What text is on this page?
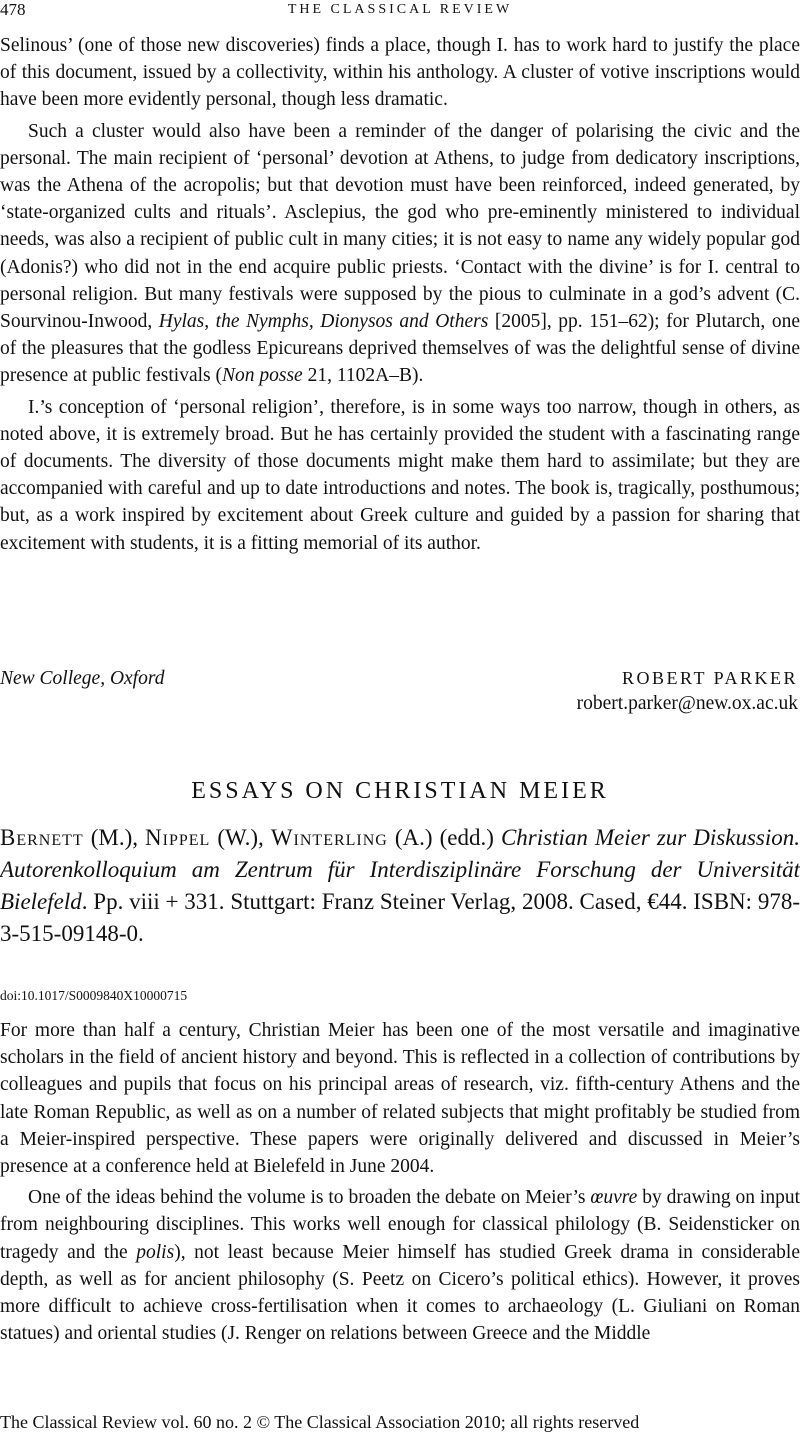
478	THE CLASSICAL REVIEW

Selinous’ (one of those new discoveries) finds a place, though I. has to work hard to justify the place of this document, issued by a collectivity, within his anthology. A cluster of votive inscriptions would have been more evidently personal, though less dramatic.

Such a cluster would also have been a reminder of the danger of polarising the civic and the personal. The main recipient of ‘personal’ devotion at Athens, to judge from dedicatory inscriptions, was the Athena of the acropolis; but that devotion must have been reinforced, indeed generated, by ‘state-organized cults and rituals’. Asclepius, the god who pre-eminently ministered to individual needs, was also a recipient of public cult in many cities; it is not easy to name any widely popular god (Adonis?) who did not in the end acquire public priests. ‘Contact with the divine’ is for I. central to personal religion. But many festivals were supposed by the pious to culminate in a god’s advent (C. Sourvinou-Inwood, Hylas, the Nymphs, Dionysos and Others [2005], pp. 151–62); for Plutarch, one of the pleasures that the godless Epicureans deprived themselves of was the delightful sense of divine presence at public festivals (Non posse 21, 1102A–B).

I.’s conception of ‘personal religion’, therefore, is in some ways too narrow, though in others, as noted above, it is extremely broad. But he has certainly provided the student with a fascinating range of documents. The diversity of those documents might make them hard to assimilate; but they are accompanied with careful and up to date introductions and notes. The book is, tragically, posthumous; but, as a work inspired by excitement about Greek culture and guided by a passion for sharing that excitement with students, it is a fitting memorial of its author.

New College, Oxford	ROBERT PARKER
robert.parker@new.ox.ac.uk
ESSAYS ON CHRISTIAN MEIER

Bernett (M.), Nippel (W.), Winterling (A.) (edd.) Christian Meier zur Diskussion. Autorenkolloquium am Zentrum für Interdisziplinäre Forschung der Universität Bielefeld. Pp. viii + 331. Stuttgart: Franz Steiner Verlag, 2008. Cased, €44. ISBN: 978-3-515-09148-0.

doi:10.1017/S0009840X10000715

For more than half a century, Christian Meier has been one of the most versatile and imaginative scholars in the field of ancient history and beyond. This is reflected in a collection of contributions by colleagues and pupils that focus on his principal areas of research, viz. fifth-century Athens and the late Roman Republic, as well as on a number of related subjects that might profitably be studied from a Meier-inspired perspective. These papers were originally delivered and discussed in Meier’s presence at a conference held at Bielefeld in June 2004.

One of the ideas behind the volume is to broaden the debate on Meier’s œuvre by drawing on input from neighbouring disciplines. This works well enough for classical philology (B. Seidensticker on tragedy and the polis), not least because Meier himself has studied Greek drama in considerable depth, as well as for ancient philosophy (S. Peetz on Cicero’s political ethics). However, it proves more difficult to achieve cross-fertilisation when it comes to archaeology (L. Giuliani on Roman statues) and oriental studies (J. Renger on relations between Greece and the Middle

The Classical Review vol. 60 no. 2 © The Classical Association 2010; all rights reserved
